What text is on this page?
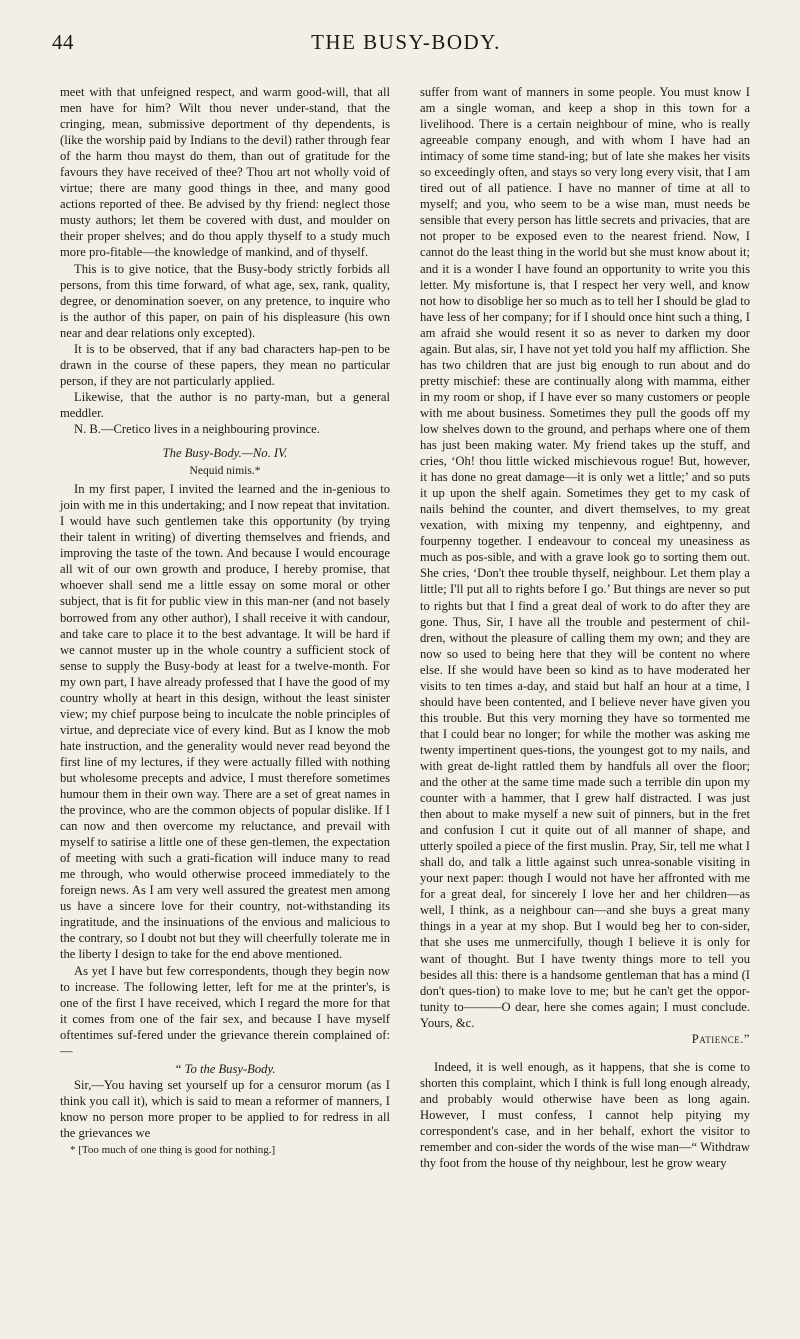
44	THE BUSY-BODY.

meet with that unfeigned respect, and warm good-will, that all men have for him? Wilt thou never under-stand, that the cringing, mean, submissive deportment of thy dependents, is (like the worship paid by Indians to the devil) rather through fear of the harm thou mayst do them, than out of gratitude for the favours they have received of thee? Thou art not wholly void of virtue; there are many good things in thee, and many good actions reported of thee. Be advised by thy friend: neglect those musty authors; let them be covered with dust, and moulder on their proper shelves; and do thou apply thyself to a study much more pro-fitable—the knowledge of mankind, and of thyself.

This is to give notice, that the Busy-body strictly forbids all persons, from this time forward, of what age, sex, rank, quality, degree, or denomination soever, on any pretence, to inquire who is the author of this paper, on pain of his displeasure (his own near and dear relations only excepted).

It is to be observed, that if any bad characters hap-pen to be drawn in the course of these papers, they mean no particular person, if they are not particularly applied.

Likewise, that the author is no party-man, but a general meddler.

N. B.—Cretico lives in a neighbouring province.

The Busy-Body.—No. IV.

Nequid nimis.*

In my first paper, I invited the learned and the in-genious to join with me in this undertaking; and I now repeat that invitation. I would have such gentlemen take this opportunity (by trying their talent in writing) of diverting themselves and friends, and improving the taste of the town. And because I would encourage all wit of our own growth and produce, I hereby promise, that whoever shall send me a little essay on some moral or other subject, that is fit for public view in this man-ner (and not basely borrowed from any other author), I shall receive it with candour, and take care to place it to the best advantage. It will be hard if we cannot muster up in the whole country a sufficient stock of sense to supply the Busy-body at least for a twelve-month. For my own part, I have already professed that I have the good of my country wholly at heart in this design, without the least sinister view; my chief purpose being to inculcate the noble principles of virtue, and depreciate vice of every kind. But as I know the mob hate instruction, and the generality would never read beyond the first line of my lectures, if they were actually filled with nothing but wholesome precepts and advice, I must therefore sometimes humour them in their own way. There are a set of great names in the province, who are the common objects of popular dislike. If I can now and then overcome my reluctance, and prevail with myself to satirise a little one of these gen-tlemen, the expectation of meeting with such a grati-fication will induce many to read me through, who would otherwise proceed immediately to the foreign news. As I am very well assured the greatest men among us have a sincere love for their country, not-withstanding its ingratitude, and the insinuations of the envious and malicious to the contrary, so I doubt not but they will cheerfully tolerate me in the liberty I design to take for the end above mentioned.

As yet I have but few correspondents, though they begin now to increase. The following letter, left for me at the printer's, is one of the first I have received, which I regard the more for that it comes from one of the fair sex, and because I have myself oftentimes suf-fered under the grievance therein complained of:—

“ To the Busy-Body.

Sir,—You having set yourself up for a censuror morum (as I think you call it), which is said to mean a reformer of manners, I know no person more proper to be applied to for redress in all the grievances we

* [Too much of one thing is good for nothing.]

suffer from want of manners in some people. You must know I am a single woman, and keep a shop in this town for a livelihood. There is a certain neighbour of mine, who is really agreeable company enough, and with whom I have had an intimacy of some time stand-ing; but of late she makes her visits so exceedingly often, and stays so very long every visit, that I am tired out of all patience. I have no manner of time at all to myself; and you, who seem to be a wise man, must needs be sensible that every person has little secrets and privacies, that are not proper to be exposed even to the nearest friend. Now, I cannot do the least thing in the world but she must know about it; and it is a wonder I have found an opportunity to write you this letter. My misfortune is, that I respect her very well, and know not how to disoblige her so much as to tell her I should be glad to have less of her company; for if I should once hint such a thing, I am afraid she would resent it so as never to darken my door again. But alas, sir, I have not yet told you half my affliction. She has two children that are just big enough to run about and do pretty mischief: these are continually along with mamma, either in my room or shop, if I have ever so many customers or people with me about business. Sometimes they pull the goods off my low shelves down to the ground, and perhaps where one of them has just been making water. My friend takes up the stuff, and cries, ‘Oh! thou little wicked mischievous rogue! But, however, it has done no great damage—it is only wet a little;’ and so puts it up upon the shelf again. Sometimes they get to my cask of nails behind the counter, and divert themselves, to my great vexation, with mixing my tenpenny, and eightpenny, and fourpenny together. I endeavour to conceal my uneasiness as much as pos-sible, and with a grave look go to sorting them out. She cries, ‘Don't thee trouble thyself, neighbour. Let them play a little; I'll put all to rights before I go.’ But things are never so put to rights but that I find a great deal of work to do after they are gone. Thus, Sir, I have all the trouble and pesterment of chil-dren, without the pleasure of calling them my own; and they are now so used to being here that they will be content no where else. If she would have been so kind as to have moderated her visits to ten times a-day, and staid but half an hour at a time, I should have been contented, and I believe never have given you this trouble. But this very morning they have so tormented me that I could bear no longer; for while the mother was asking me twenty impertinent ques-tions, the youngest got to my nails, and with great de-light rattled them by handfuls all over the floor; and the other at the same time made such a terrible din upon my counter with a hammer, that I grew half distracted. I was just then about to make myself a new suit of pinners, but in the fret and confusion I cut it quite out of all manner of shape, and utterly spoiled a piece of the first muslin. Pray, Sir, tell me what I shall do, and talk a little against such unrea-sonable visiting in your next paper: though I would not have her affronted with me for a great deal, for sincerely I love her and her children—as well, I think, as a neighbour can—and she buys a great many things in a year at my shop. But I would beg her to con-sider, that she uses me unmercifully, though I believe it is only for want of thought. But I have twenty things more to tell you besides all this: there is a handsome gentleman that has a mind (I don't ques-tion) to make love to me; but he can't get the oppor-tunity to———O dear, here she comes again; I must conclude. Yours, &c.

Patience.”

Indeed, it is well enough, as it happens, that she is come to shorten this complaint, which I think is full long enough already, and probably would otherwise have been as long again. However, I must confess, I cannot help pitying my correspondent's case, and in her behalf, exhort the visitor to remember and con-sider the words of the wise man—“ Withdraw thy foot from the house of thy neighbour, lest he grow weary
